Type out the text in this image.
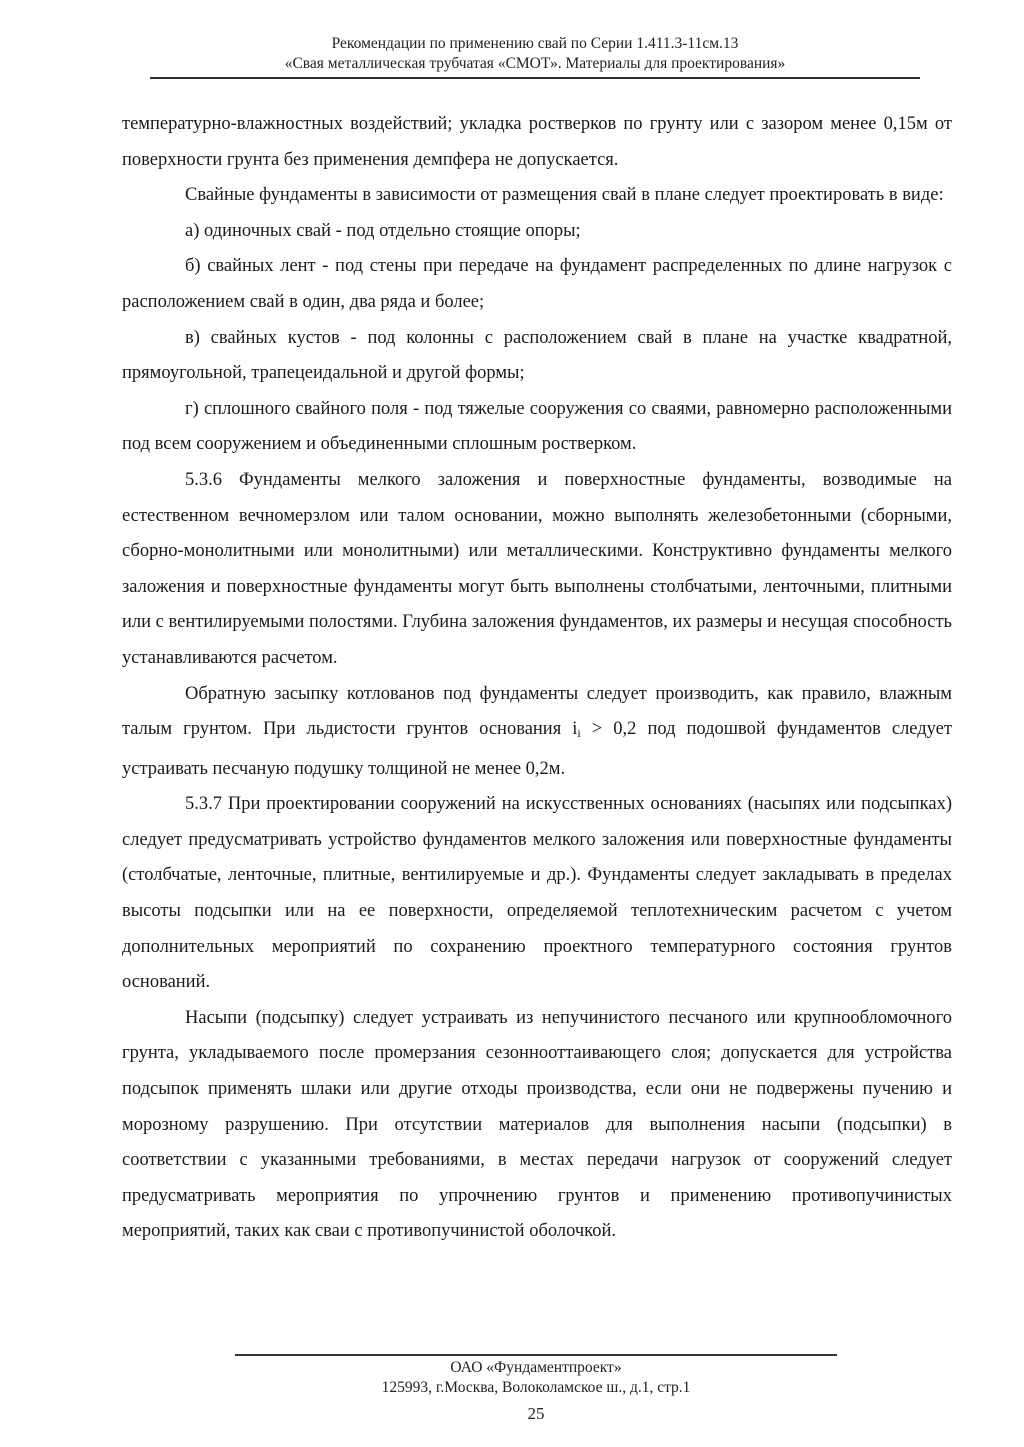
Рекомендации по применению свай по Серии 1.411.3-11см.13
«Свая металлическая трубчатая «СМОТ». Материалы для проектирования»

температурно-влажностных воздействий; укладка ростверков по грунту или с зазором менее 0,15м от поверхности грунта без применения демпфера не допускается.

Свайные фундаменты в зависимости от размещения свай в плане следует проектировать в виде:

а) одиночных свай - под отдельно стоящие опоры;

б) свайных лент - под стены при передаче на фундамент распределенных по длине нагрузок с расположением свай в один, два ряда и более;

в) свайных кустов - под колонны с расположением свай в плане на участке квадратной, прямоугольной, трапецеидальной и другой формы;

г) сплошного свайного поля - под тяжелые сооружения со сваями, равномерно расположенными под всем сооружением и объединенными сплошным ростверком.

5.3.6 Фундаменты мелкого заложения и поверхностные фундаменты, возводимые на естественном вечномерзлом или талом основании, можно выполнять железобетонными (сборными, сборно-монолитными или монолитными) или металлическими. Конструктивно фундаменты мелкого заложения и поверхностные фундаменты могут быть выполнены столбчатыми, ленточными, плитными или с вентилируемыми полостями. Глубина заложения фундаментов, их размеры и несущая способность устанавливаются расчетом.

Обратную засыпку котлованов под фундаменты следует производить, как правило, влажным талым грунтом. При льдистости грунтов основания $i_i > 0,2$ под подошвой фундаментов следует устраивать песчаную подушку толщиной не менее 0,2м.

5.3.7 При проектировании сооружений на искусственных основаниях (насыпях или подсыпках) следует предусматривать устройство фундаментов мелкого заложения или поверхностные фундаменты (столбчатые, ленточные, плитные, вентилируемые и др.). Фундаменты следует закладывать в пределах высоты подсыпки или на ее поверхности, определяемой теплотехническим расчетом с учетом дополнительных мероприятий по сохранению проектного температурного состояния грунтов оснований.

Насыпи (подсыпку) следует устраивать из непучинистого песчаного или крупнообломочного грунта, укладываемого после промерзания сезоннооттаивающего слоя; допускается для устройства подсыпок применять шлаки или другие отходы производства, если они не подвержены пучению и морозному разрушению. При отсутствии материалов для выполнения насыпи (подсыпки) в соответствии с указанными требованиями, в местах передачи нагрузок от сооружений следует предусматривать мероприятия по упрочнению грунтов и применению противопучинистых мероприятий, таких как сваи с противопучинистой оболочкой.

ОАО «Фундаментпроект»
125993, г.Москва, Волоколамское ш., д.1, стр.1
25
